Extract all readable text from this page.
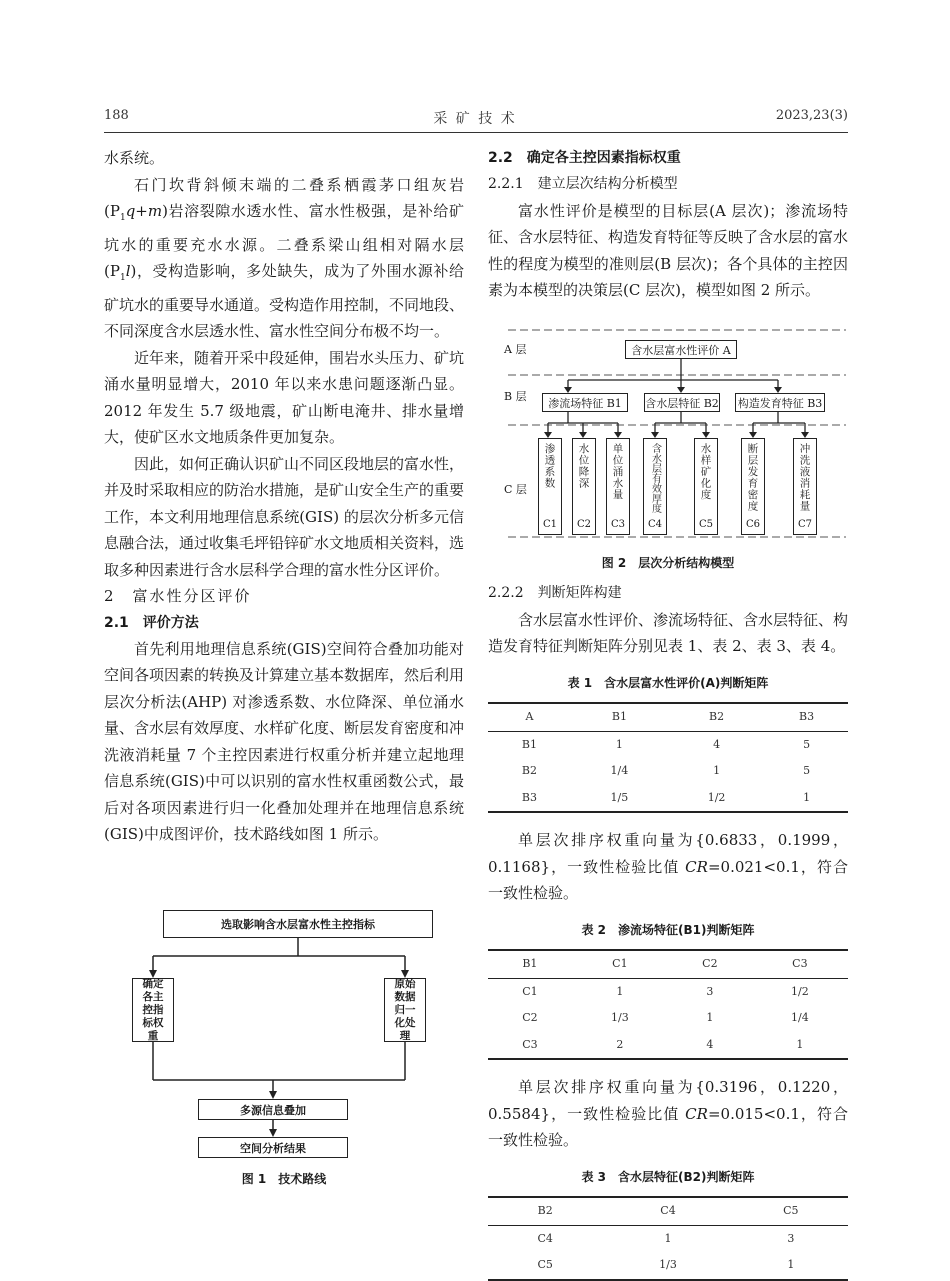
188	采 矿 技 术	2023,23(3)

水系统。

石门坎背斜倾末端的二叠系栖霞茅口组灰岩$(P_1q+m)$岩溶裂隙水透水性、富水性极强，是补给矿坑水的重要充水水源。二叠系梁山组相对隔水层$(P_1l)$，受构造影响，多处缺失，成为了外围水源补给矿坑水的重要导水通道。受构造作用控制，不同地段、不同深度含水层透水性、富水性空间分布极不均一。

近年来，随着开采中段延伸，围岩水头压力、矿坑涌水量明显增大，2010 年以来水患问题逐渐凸显。2012 年发生 5.7 级地震，矿山断电淹井、排水量增大，使矿区水文地质条件更加复杂。

因此，如何正确认识矿山不同区段地层的富水性，并及时采取相应的防治水措施，是矿山安全生产的重要工作，本文利用地理信息系统(GIS) 的层次分析多元信息融合法，通过收集毛坪铅锌矿水文地质相关资料，选取多种因素进行含水层科学合理的富水性分区评价。

2　富水性分区评价

2.1　评价方法

首先利用地理信息系统(GIS)空间符合叠加功能对空间各项因素的转换及计算建立基本数据库，然后利用层次分析法(AHP) 对渗透系数、水位降深、单位涌水量、含水层有效厚度、水样矿化度、断层发育密度和冲洗液消耗量 7 个主控因素进行权重分析并建立起地理信息系统(GIS)中可以识别的富水性权重函数公式，最后对各项因素进行归一化叠加处理并在地理信息系统(GIS)中成图评价，技术路线如图 1 所示。

选取影响含水层富水性主控指标
确定各主控指标权重
原始数据归一化处理
多源信息叠加
空间分析结果
图 1　技术路线

2.2　确定各主控因素指标权重

2.2.1　建立层次结构分析模型

富水性评价是模型的目标层(A 层次)；渗流场特征、含水层特征、构造发育特征等反映了含水层的富水性的程度为模型的准则层(B 层次)；各个具体的主控因素为本模型的决策层(C 层次)，模型如图 2 所示。

A 层
B 层
C 层
含水层富水性评价 A
渗流场特征 B1	含水层特征 B2 构造发育特征 B3
渗透系数
C1
水位降深
C2
单位涌水量
C3
含水层有效厚度
C4
水样矿化度
C5
断层发育密度
C6
冲洗液消耗量
C7
图 2　层次分析结构模型

2.2.2　判断矩阵构建

含水层富水性评价、渗流场特征、含水层特征、构造发育特征判断矩阵分别见表 1、表 2、表 3、表 4。

表 1　含水层富水性评价(A)判断矩阵
A	B1	B2	B3
B1	1	4	5
B2	1/4	1	5
B3	1/5	1/2	1

单层次排序权重向量为{0.6833，0.1999，0.1168}，一致性检验比值 CR=0.021<0.1，符合一致性检验。

表 2　渗流场特征(B1)判断矩阵
B1	C1	C2	C3
C1	1	3	1/2
C2	1/3	1	1/4
C3	2	4	1

单层次排序权重向量为{0.3196，0.1220，0.5584}，一致性检验比值 CR=0.015<0.1，符合一致性检验。

表 3　含水层特征(B2)判断矩阵
B2	C4	C5
C4	1	3
C5	1/3	1
